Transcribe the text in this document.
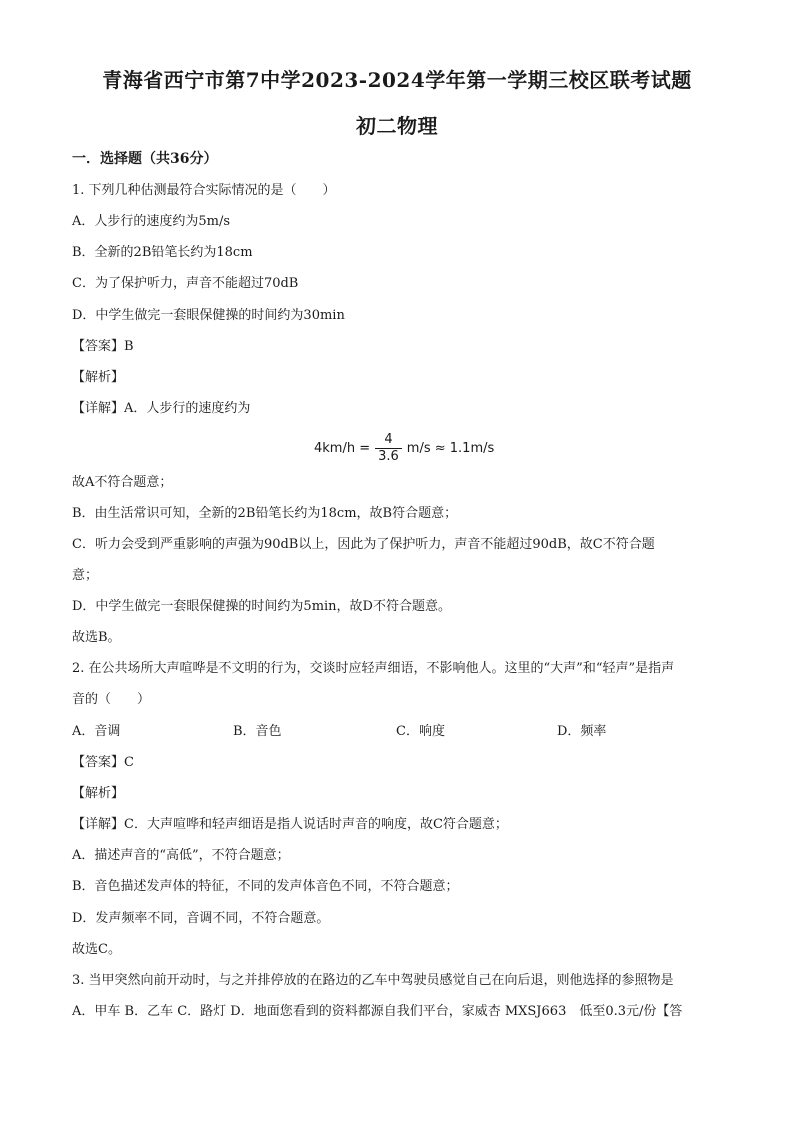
青海省西宁市第7中学2023-2024学年第一学期三校区联考试题
初二物理
一．选择题（共36分）
1. 下列几种估测最符合实际情况的是（　　）
A．人步行的速度约为5m/s
B．全新的2B铅笔长约为18cm
C．为了保护听力，声音不能超过70dB
D．中学生做完一套眼保健操的时间约为30min
【答案】B
【解析】
【详解】A．人步行的速度约为
$4km/h = \frac{4}{3.6} m/s \approx 1.1m/s$
故A不符合题意；
B．由生活常识可知，全新的2B铅笔长约为18cm，故B符合题意；
C．听力会受到严重影响的声强为90dB以上，因此为了保护听力，声音不能超过90dB，故C不符合题
意；
D．中学生做完一套眼保健操的时间约为5min，故D不符合题意。
故选B。
2. 在公共场所大声喧哗是不文明的行为，交谈时应轻声细语，不影响他人。这里的“大声”和“轻声”是指声
音的（　　）
A．音调	B．音色	C．响度	D．频率
【答案】C
【解析】
【详解】C．大声喧哗和轻声细语是指人说话时声音的响度，故C符合题意；
A．描述声音的“高低”，不符合题意；
B．音色描述发声体的特征，不同的发声体音色不同，不符合题意；
D．发声频率不同，音调不同，不符合题意。
故选C。
3. 当甲突然向前开动时，与之并排停放的在路边的乙车中驾驶员感觉自己在向后退，则他选择的参照物是
A．甲车 B．乙车 C．路灯 D．地面您看到的资料都源自我们平台，家威杏 MXSJ663　低至0.3元/份【答
